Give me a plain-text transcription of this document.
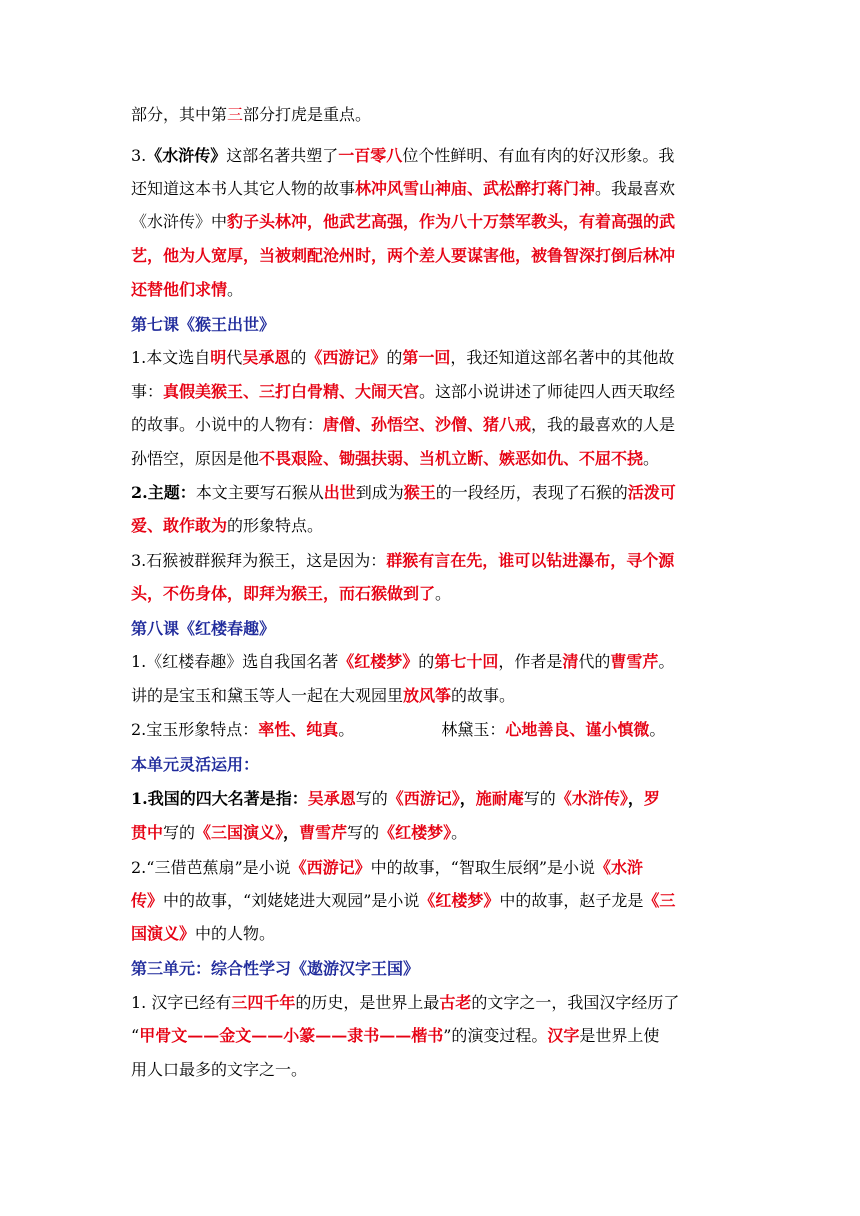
部分，其中第三部分打虎是重点。
3.《水浒传》这部名著共塑了一百零八位个性鲜明、有血有肉的好汉形象。我
还知道这本书人其它人物的故事林冲风雪山神庙、武松醉打蒋门神。我最喜欢
《水浒传》中豹子头林冲，他武艺高强，作为八十万禁军教头，有着高强的武
艺，他为人宽厚，当被刺配沧州时，两个差人要谋害他，被鲁智深打倒后林冲
还替他们求情。
第七课《猴王出世》
1.本文选自明代吴承恩的《西游记》的第一回，我还知道这部名著中的其他故
事：真假美猴王、三打白骨精、大闹天宫。这部小说讲述了师徒四人西天取经
的故事。小说中的人物有：唐僧、孙悟空、沙僧、猪八戒，我的最喜欢的人是
孙悟空，原因是他不畏艰险、锄强扶弱、当机立断、嫉恶如仇、不屈不挠。
2.主题：本文主要写石猴从出世到成为猴王的一段经历，表现了石猴的活泼可
爱、敢作敢为的形象特点。
3.石猴被群猴拜为猴王，这是因为：群猴有言在先，谁可以钻进瀑布，寻个源
头，不伤身体，即拜为猴王，而石猴做到了。
第八课《红楼春趣》
1.《红楼春趣》选自我国名著《红楼梦》的第七十回，作者是清代的曹雪芹。
讲的是宝玉和黛玉等人一起在大观园里放风筝的故事。
2.宝玉形象特点：率性、纯真。	林黛玉：心地善良、谨小慎微。
本单元灵活运用：
1.我国的四大名著是指：吴承恩写的《西游记》，施耐庵写的《水浒传》，罗
贯中写的《三国演义》，曹雪芹写的《红楼梦》。
2.“三借芭蕉扇”是小说《西游记》中的故事，“智取生辰纲”是小说《水浒
传》中的故事，“刘姥姥进大观园”是小说《红楼梦》中的故事，赵子龙是《三
国演义》中的人物。
第三单元：综合性学习《遨游汉字王国》
1. 汉字已经有三四千年的历史，是世界上最古老的文字之一，我国汉字经历了
“甲骨文——金文——小篆——隶书——楷书”的演变过程。汉字是世界上使
用人口最多的文字之一。
